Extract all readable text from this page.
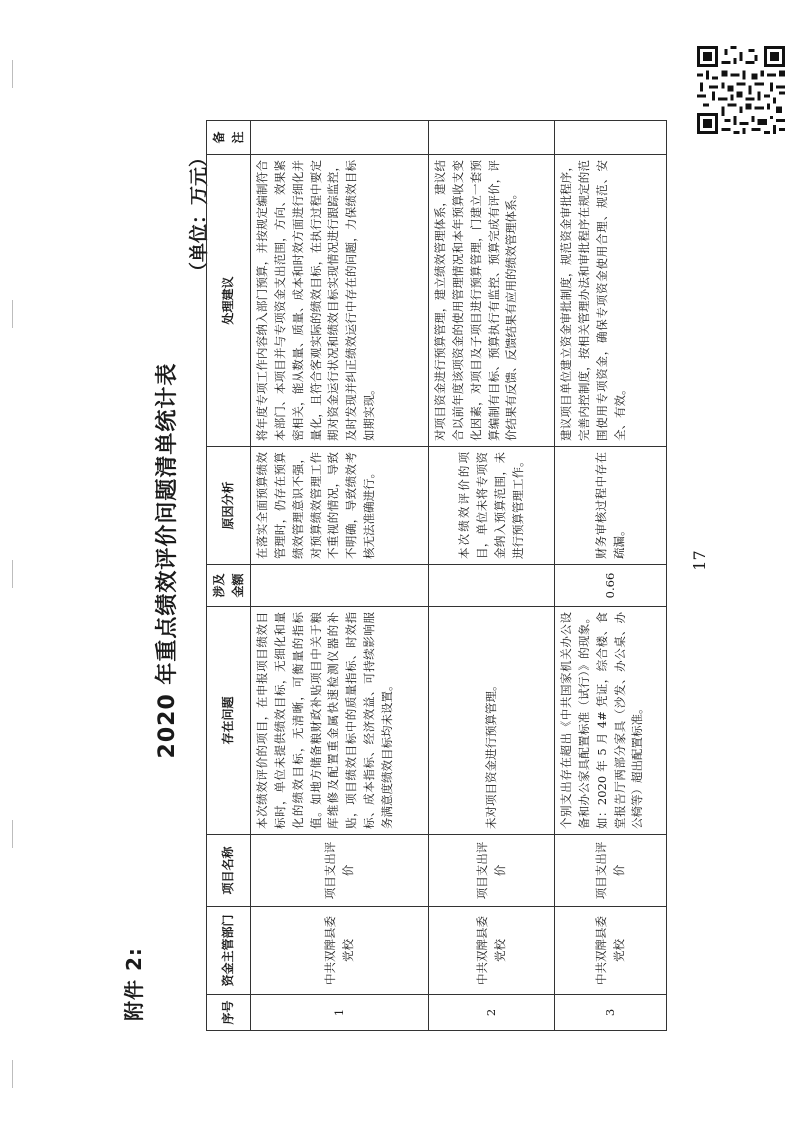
附件 2:
2020 年重点绩效评价问题清单统计表
（单位：万元）
序号	资金主管部门	项目名称	存在问题	涉及金额	原因分析	处理建议	备注
1	中共双牌县委党校	项目支出评价	本次绩效评价的项目，在申报项目绩效目标时，单位未提供绩效目标，无细化和量化的绩效目标，无清晰，可衡量的指标值。如地方储备粮财政补贴项目中关于粮库维修及配置重金属快速检测仪器的补贴，项目绩效目标中的质量指标、时效指标、成本指标、经济效益、可持续影响服务满意度绩效目标均未设置。		在落实全面预算绩效管理时，仍存在预算绩效管理意识不强，对预算绩效管理工作不重视的情况，导致不明确，导致绩效考核无法准确进行。	将年度专项工作内容纳入部门预算，并按规定编制符合本部门、本项目并与专项资金支出范围，方向、效果紧密相关，能从数量、质量、成本和时效方面进行细化并量化，且符合客观实际的绩效目标，在执行过程中要定期对资金运行状况和绩效目标实现情况进行跟踪监控，及时发现并纠正绩效运行中存在的问题，力保绩效目标如期实现。	
2	中共双牌县委党校	项目支出评价	未对项目资金进行预算管理。		本次绩效评价的项目，单位未将专项资金纳入预算范围，未进行预算管理工作。	对项目资金进行预算管理，建立绩效管理体系，建议结合以前年度该项资金的使用管理情况和本年预算收支变化因素，对项目及子项目进行预算管理，门建立一套预算编制有目标、预算执行有监控、预算完成有评价，评价结果有反馈、反馈结果有应用的绩效管理体系。	
3	中共双牌县委党校	项目支出评价	个别支出存在超出《中共国家机关办公设备和办公家具配置标准（试行）》的现象。如：2020 年 5 月 4# 凭证，综合楼、食堂报告厅两部分家具（沙发、办公桌、办公椅等）超出配置标准。	0.66	财务审核过程中存在疏漏。	建议项目单位建立资金审批制度，规范资金审批程序，完善内控制度，按相关管理办法和审批程序在规定的范围使用专项资金，确保专项资金使用合理、规范、安全、有效。	
17
